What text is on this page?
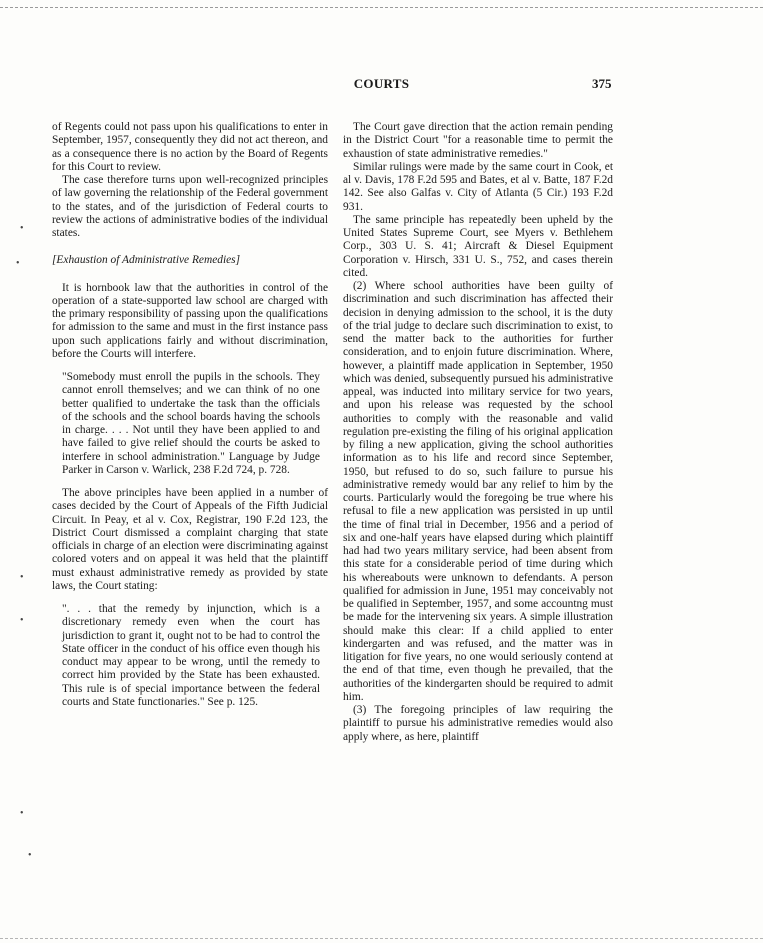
COURTS	375

of Regents could not pass upon his qualifications to enter in September, 1957, consequently they did not act thereon, and as a consequence there is no action by the Board of Regents for this Court to review.

The case therefore turns upon well-recognized principles of law governing the relationship of the Federal government to the states, and of the jurisdiction of Federal courts to review the actions of administrative bodies of the individual states.

[Exhaustion of Administrative Remedies]

It is hornbook law that the authorities in control of the operation of a state-supported law school are charged with the primary responsibility of passing upon the qualifications for admission to the same and must in the first instance pass upon such applications fairly and without discrimination, before the Courts will interfere.

"Somebody must enroll the pupils in the schools. They cannot enroll themselves; and we can think of no one better qualified to undertake the task than the officials of the schools and the school boards having the schools in charge. . . . Not until they have been applied to and have failed to give relief should the courts be asked to interfere in school administration." Language by Judge Parker in Carson v. Warlick, 238 F.2d 724, p. 728.

The above principles have been applied in a number of cases decided by the Court of Appeals of the Fifth Judicial Circuit. In Peay, et al v. Cox, Registrar, 190 F.2d 123, the District Court dismissed a complaint charging that state officials in charge of an election were discriminating against colored voters and on appeal it was held that the plaintiff must exhaust administrative remedy as provided by state laws, the Court stating:

". . . that the remedy by injunction, which is a discretionary remedy even when the court has jurisdiction to grant it, ought not to be had to control the State officer in the conduct of his office even though his conduct may appear to be wrong, until the remedy to correct him provided by the State has been exhausted. This rule is of special importance between the federal courts and State functionaries." See p. 125.

The Court gave direction that the action remain pending in the District Court "for a reasonable time to permit the exhaustion of state administrative remedies."

Similar rulings were made by the same court in Cook, et al v. Davis, 178 F.2d 595 and Bates, et al v. Batte, 187 F.2d 142. See also Galfas v. City of Atlanta (5 Cir.) 193 F.2d 931.

The same principle has repeatedly been upheld by the United States Supreme Court, see Myers v. Bethlehem Corp., 303 U. S. 41; Aircraft & Diesel Equipment Corporation v. Hirsch, 331 U. S., 752, and cases therein cited.

(2) Where school authorities have been guilty of discrimination and such discrimination has affected their decision in denying admission to the school, it is the duty of the trial judge to declare such discrimination to exist, to send the matter back to the authorities for further consideration, and to enjoin future discrimination. Where, however, a plaintiff made application in September, 1950 which was denied, subsequently pursued his administrative appeal, was inducted into military service for two years, and upon his release was requested by the school authorities to comply with the reasonable and valid regulation pre-existing the filing of his original application by filing a new application, giving the school authorities information as to his life and record since September, 1950, but refused to do so, such failure to pursue his administrative remedy would bar any relief to him by the courts. Particularly would the foregoing be true where his refusal to file a new application was persisted in up until the time of final trial in December, 1956 and a period of six and one-half years have elapsed during which plaintiff had had two years military service, had been absent from this state for a considerable period of time during which his whereabouts were unknown to defendants. A person qualified for admission in June, 1951 may conceivably not be qualified in September, 1957, and some accountng must be made for the intervening six years. A simple illustration should make this clear: If a child applied to enter kindergarten and was refused, and the matter was in litigation for five years, no one would seriously contend at the end of that time, even though he prevailed, that the authorities of the kindergarten should be required to admit him.

(3) The foregoing principles of law requiring the plaintiff to pursue his administrative remedies would also apply where, as here, plaintiff

•
•
•
•
•
•
